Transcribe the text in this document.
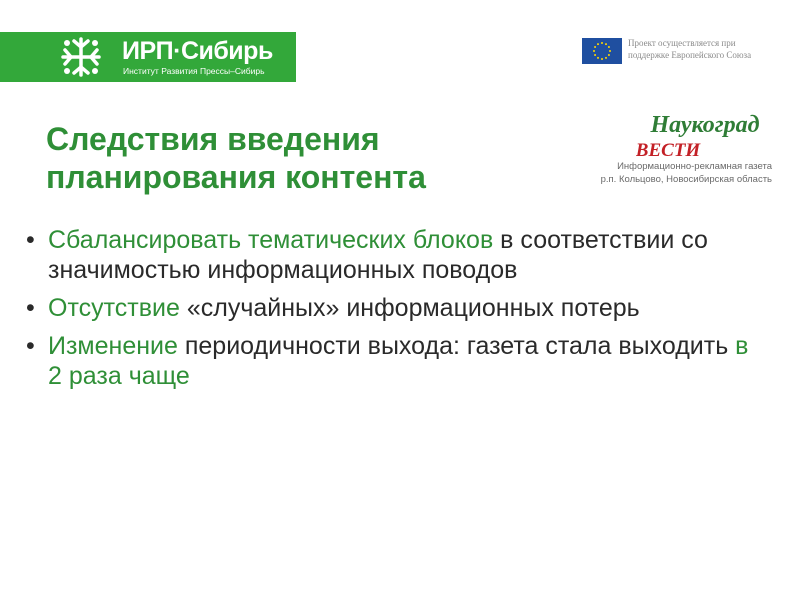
ИРП·Сибирь
Институт Развития Прессы–Сибирь
Проект осуществляется при
поддержке Европейского Союза
Наукоград
ВЕСТИ
Информационно-рекламная газета
р.п. Кольцово, Новосибирская область
Следствия введения
планирования контента
• Сбалансировать тематических блоков в соответствии со значимостью информационных поводов
• Отсутствие «случайных» информационных потерь
• Изменение периодичности выхода: газета стала выходить в 2 раза чаще
